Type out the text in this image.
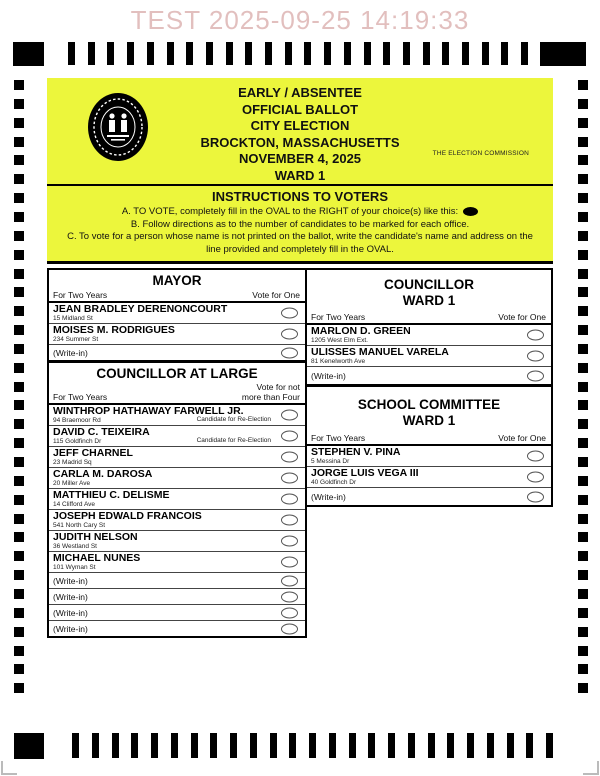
TEST 2025-09-25 14:19:33
EARLY / ABSENTEE
OFFICIAL BALLOT
CITY ELECTION
BROCKTON, MASSACHUSETTS
NOVEMBER 4, 2025
WARD 1
THE ELECTION COMMISSION
INSTRUCTIONS TO VOTERS
A. TO VOTE, completely fill in the OVAL to the RIGHT of your choice(s) like this:
B. Follow directions as to the number of candidates to be marked for each office.
C. To vote for a person whose name is not printed on the ballot, write the candidate's name and address on the line provided and completely fill in the OVAL.
MAYOR
For Two Years	Vote for One
JEAN BRADLEY DERENONCOURT
15 Midland St
MOISES M. RODRIGUES
234 Summer St
(Write-in)
COUNCILLOR AT LARGE
For Two Years
Vote for not
more than Four
WINTHROP HATHAWAY FARWELL JR.
94 Braemoor Rd	Candidate for Re-Election
DAVID C. TEIXEIRA
115 Goldfinch Dr	Candidate for Re-Election
JEFF CHARNEL
23 Madrid Sq
CARLA M. DAROSA
20 Miller Ave
MATTHIEU C. DELISME
14 Clifford Ave
JOSEPH EDWALD FRANCOIS
541 North Cary St
JUDITH NELSON
36 Westland St
MICHAEL NUNES
101 Wyman St
(Write-in)
(Write-in)
(Write-in)
(Write-in)
COUNCILLOR
WARD 1
For Two Years	Vote for One
MARLON D. GREEN
1205 West Elm Ext.
ULISSES MANUEL VARELA
81 Kenelworth Ave
(Write-in)
SCHOOL COMMITTEE
WARD 1
For Two Years	Vote for One
STEPHEN V. PINA
5 Messina Dr
JORGE LUIS VEGA III
40 Goldfinch Dr
(Write-in)
